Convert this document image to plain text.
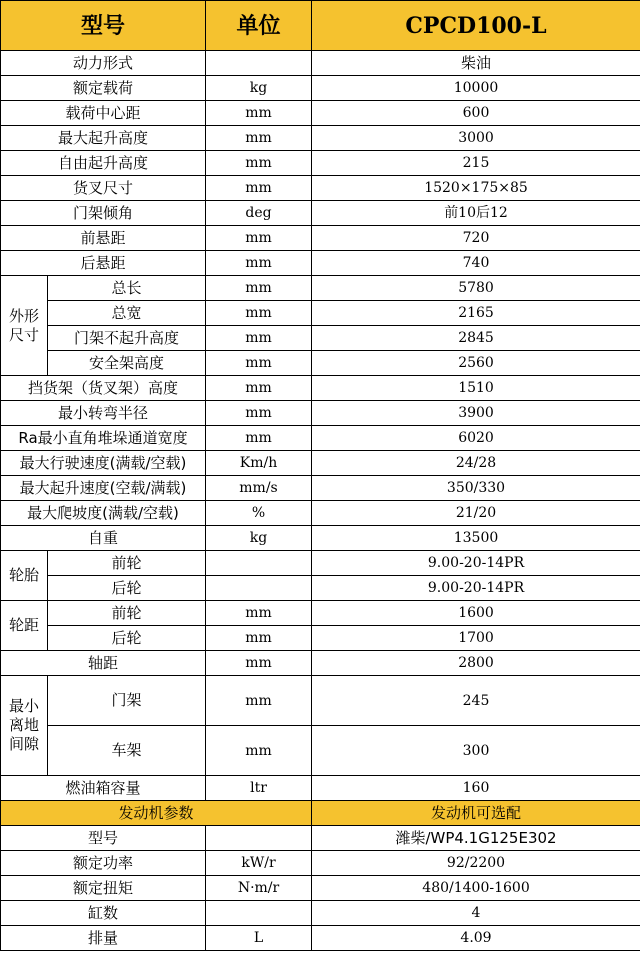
型号		单位	CPCD100-L
动力形式			柴油
额定载荷		kg	10000
载荷中心距		mm	600
最大起升高度		mm	3000
自由起升高度		mm	215
货叉尺寸		mm	1520×175×85
门架倾角		deg	前10后12
前悬距		mm	720
后悬距		mm	740
外形尺寸	总长	mm	5780
	总宽	mm	2165
	门架不起升高度	mm	2845
	安全架高度	mm	2560
挡货架（货叉架）高度		mm	1510
最小转弯半径		mm	3900
Ra最小直角堆垛通道宽度		mm	6020
最大行驶速度(满载/空载)		Km/h	24/28
最大起升速度(空载/满载)		mm/s	350/330
最大爬坡度(满载/空载)		%	21/20
自重		kg	13500
轮胎	前轮		9.00-20-14PR
	后轮		9.00-20-14PR
轮距	前轮	mm	1600
	后轮	mm	1700
轴距		mm	2800
最小离地间隙	门架	mm	245
	车架	mm	300
燃油箱容量		ltr	160
发动机参数			发动机可选配
型号			潍柴/WP4.1G125E302
额定功率		kW/r	92/2200
额定扭矩		N·m/r	480/1400-1600
缸数			4
排量		L	4.09
